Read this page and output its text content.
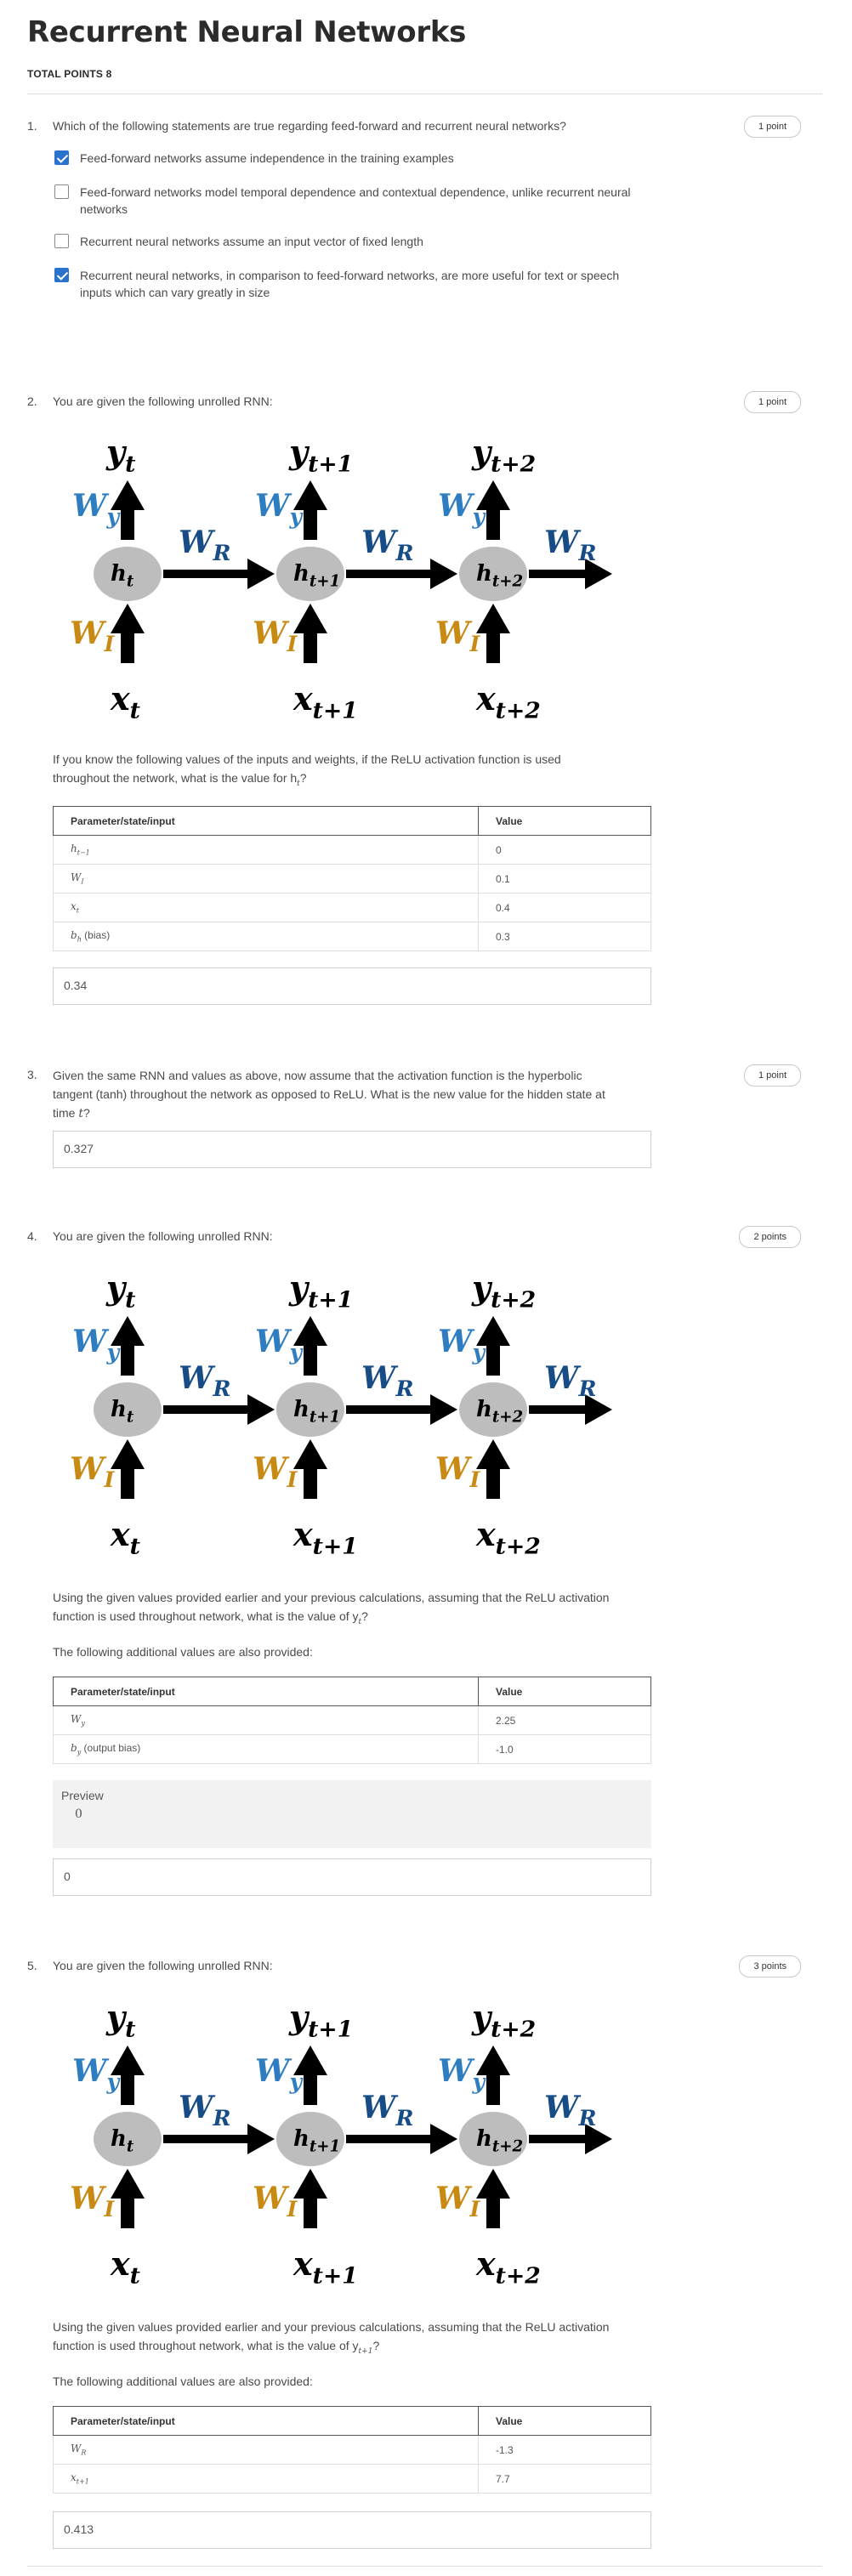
Recurrent Neural Networks
TOTAL POINTS 8
1. Which of the following statements are true regarding feed-forward and recurrent neural networks?	1 point
Feed-forward networks assume independence in the training examples
Feed-forward networks model temporal dependence and contextual dependence, unlike recurrent neural networks
Recurrent neural networks assume an input vector of fixed length
Recurrent neural networks, in comparison to feed-forward networks, are more useful for text or speech inputs which can vary greatly in size
2. You are given the following unrolled RNN:	1 point
$y_t$
$W_y$
$h_t$
$W_I$
$x_t$
$W_R$
$y_{t+1}$
$W_y$
$h_{t+1}$
$W_I$
$x_{t+1}$
$W_R$
$y_{t+2}$
$W_y$
$h_{t+2}$
$W_I$
$x_{t+2}$
$W_R$
If you know the following values of the inputs and weights, if the ReLU activation function is used
throughout the network, what is the value for $h_t$?
Parameter/state/input	Value
$h_{t-1}$	0
$W_I$	0.1
$x_t$	0.4
$b_h$ (bias)	0.3
0.34
3. Given the same RNN and values as above, now assume that the activation function is the hyperbolic
tangent (tanh) throughout the network as opposed to ReLU. What is the new value for the hidden state at
time t?
1 point
0.327
4. You are given the following unrolled RNN:	2 points
$y_t$
$W_y$
$h_t$
$W_I$
$x_t$
$W_R$
$y_{t+1}$
$W_y$
$h_{t+1}$
$W_I$
$x_{t+1}$
$W_R$
$y_{t+2}$
$W_y$
$h_{t+2}$
$W_I$
$x_{t+2}$
$W_R$
Using the given values provided earlier and your previous calculations, assuming that the ReLU activation
function is used throughout network, what is the value of $y_t$?
The following additional values are also provided:
Parameter/state/input	Value
$W_y$	2.25
$b_y$ (output bias)	-1.0
Preview
0
0
5. You are given the following unrolled RNN:	3 points
$y_t$
$W_y$
$h_t$
$W_I$
$x_t$
$W_R$
$y_{t+1}$
$W_y$
$h_{t+1}$
$W_I$
$x_{t+1}$
$W_R$
$y_{t+2}$
$W_y$
$h_{t+2}$
$W_I$
$x_{t+2}$
$W_R$
Using the given values provided earlier and your previous calculations, assuming that the ReLU activation
function is used throughout network, what is the value of $y_{t+1}$?
The following additional values are also provided:
Parameter/state/input	Value
$W_R$	-1.3
$x_{t+1}$	7.7
0.413
